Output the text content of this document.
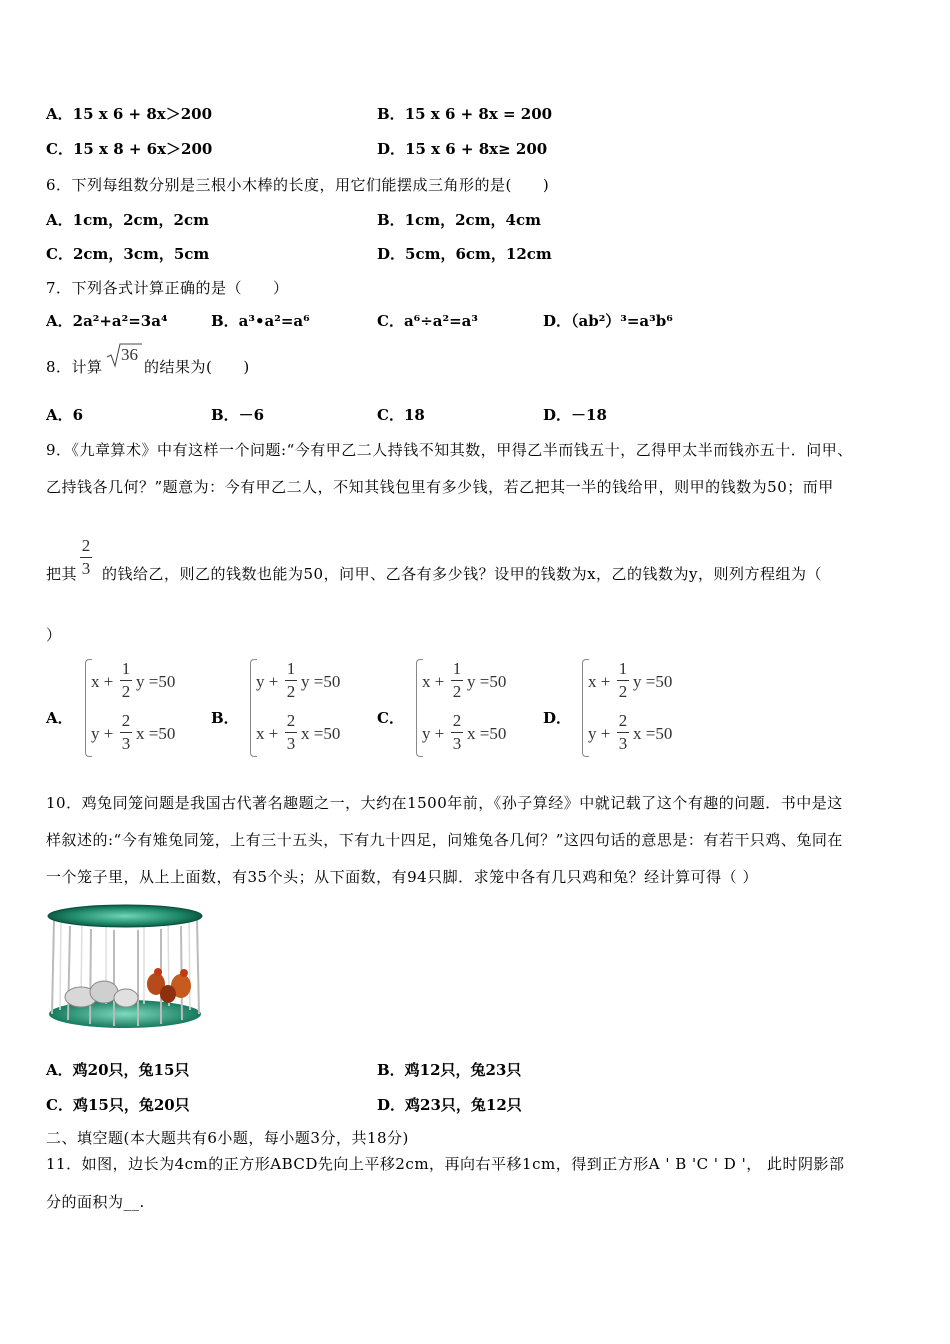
A．15 x 6 + 8x＞200	B．15 x 6 + 8x = 200
C．15 x 8 + 6x＞200	D．15 x 6 + 8x≥ 200
6．下列每组数分别是三根小木棒的长度，用它们能摆成三角形的是(　　)
A．1cm，2cm，2cm	B．1cm，2cm，4cm
C．2cm，3cm，5cm	D．5cm，6cm，12cm
7．下列各式计算正确的是（　　）
A．2a²+a²=3a⁴	B．a³•a²=a⁶	C．a⁶÷a²=a³	D．（ab²）³=a³b⁶
8．计算
36
的结果为(　　)
A．6	B．－6	C．18	D．－18
9．《九章算术》中有这样一个问题:“今有甲乙二人持钱不知其数，甲得乙半而钱五十，乙得甲太半而钱亦五十．问甲、
乙持钱各几何？”题意为：今有甲乙二人，不知其钱包里有多少钱，若乙把其一半的钱给甲，则甲的钱数为50；而甲
把其
2
3 的钱给乙，则乙的钱数也能为50，问甲、乙各有多少钱？设甲的钱数为x，乙的钱数为y，则列方程组为（
）
A．
x +
1
2
y =50
y +
2
3
x =50
B．
y +
1
2
y =50
x +
2
3
x =50
C．
x +
1
2
y =50
y +
2
3
x =50
D．
x +
1
2
y =50
y +
2
3
x =50
10．鸡兔同笼问题是我国古代著名趣题之一，大约在1500年前，《孙子算经》中就记载了这个有趣的问题．书中是这
样叙述的:“今有雉兔同笼，上有三十五头，下有九十四足，问雉兔各几何？”这四句话的意思是：有若干只鸡、兔同在
一个笼子里，从上上面数，有35个头；从下面数，有94只脚．求笼中各有几只鸡和兔？经计算可得（ ）
A．鸡20只，兔15只	B．鸡12只，兔23只
C．鸡15只，兔20只	D．鸡23只，兔12只
二、填空题(本大题共有6小题，每小题3分，共18分)
11．如图，边长为4cm的正方形ABCD先向上平移2cm，再向右平移1cm，得到正方形A ' B 'C ' D '， 此时阴影部
分的面积为__.
